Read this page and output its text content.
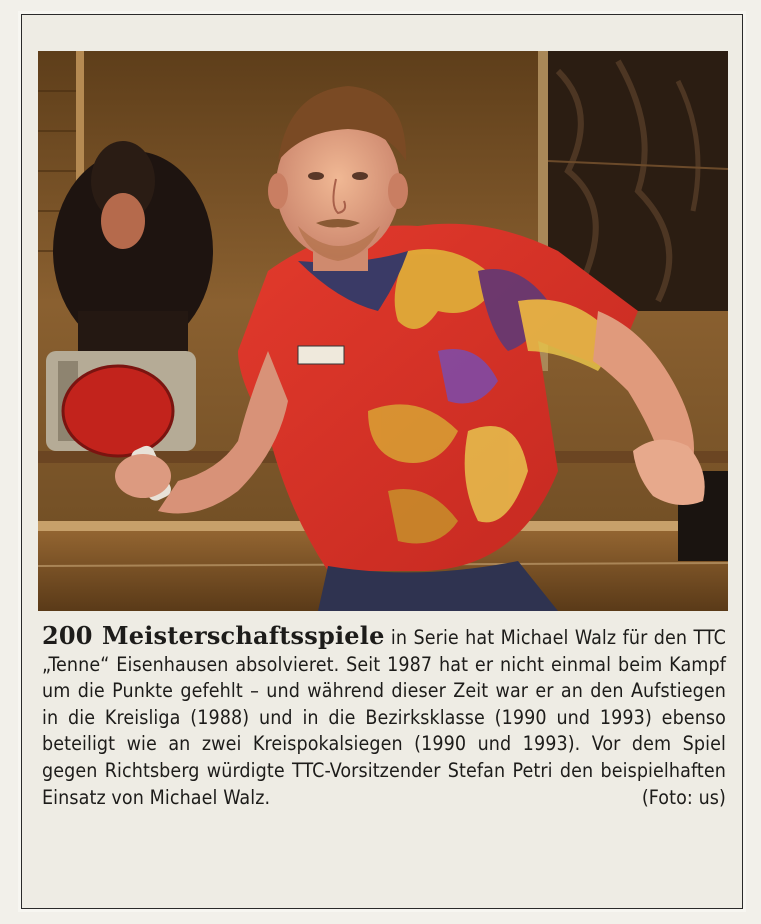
200 Meisterschaftsspiele in Serie hat Michael Walz für den TTC „Tenne“ Eisenhausen absolvieret. Seit 1987 hat er nicht einmal beim Kampf um die Punkte gefehlt – und während dieser Zeit war er an den Aufstiegen in die Kreisliga (1988) und in die Bezirksklasse (1990 und 1993) ebenso beteiligt wie an zwei Kreispokalsiegen (1990 und 1993). Vor dem Spiel gegen Richtsberg würdigte TTC-Vorsitzender Stefan Petri den beispielhaften Einsatz von Michael Walz.	(Foto: us)
